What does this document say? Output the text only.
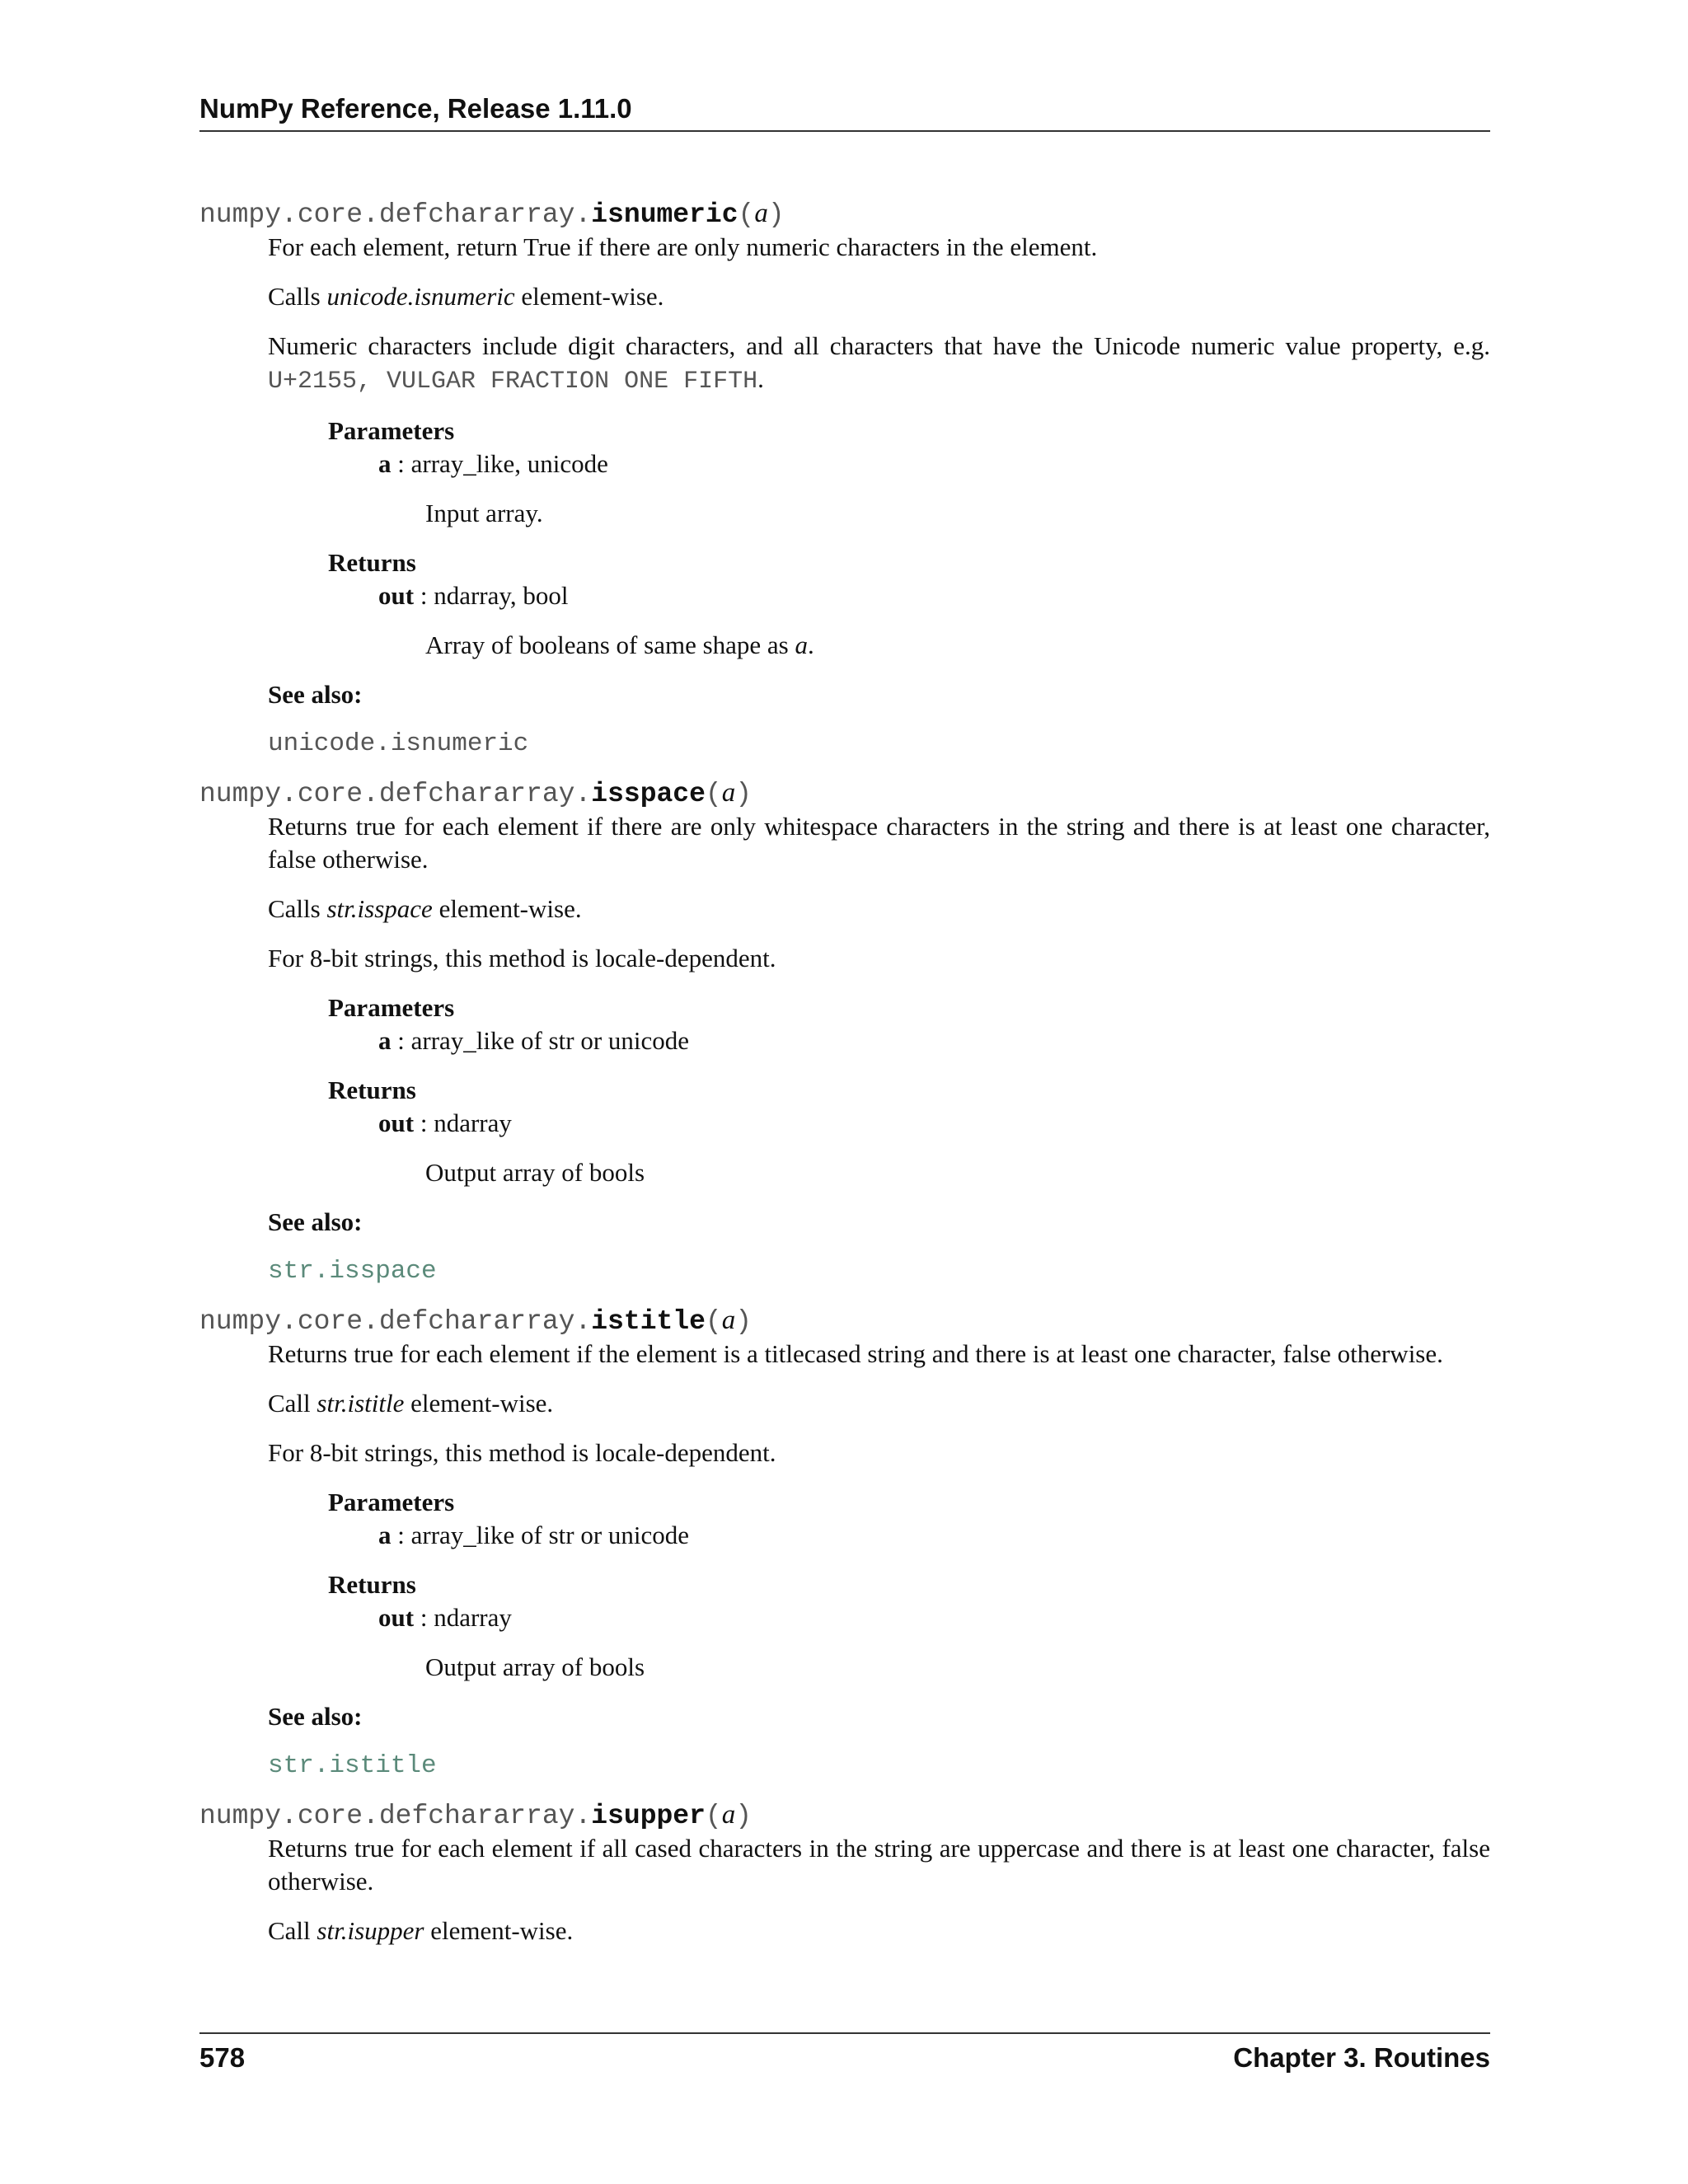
NumPy Reference, Release 1.11.0
numpy.core.defchararray.isnumeric(a)

For each element, return True if there are only numeric characters in the element.

Calls unicode.isnumeric element-wise.

Numeric characters include digit characters, and all characters that have the Unicode numeric value property, e.g. U+2155, VULGAR FRACTION ONE FIFTH.

Parameters
a : array_like, unicode
Input array.
Returns
out : ndarray, bool
Array of booleans of same shape as a.
See also:
unicode.isnumeric
numpy.core.defchararray.isspace(a)

Returns true for each element if there are only whitespace characters in the string and there is at least one character, false otherwise.

Calls str.isspace element-wise.

For 8-bit strings, this method is locale-dependent.

Parameters
a : array_like of str or unicode
Returns
out : ndarray
Output array of bools
See also:
str.isspace
numpy.core.defchararray.istitle(a)

Returns true for each element if the element is a titlecased string and there is at least one character, false otherwise.

Call str.istitle element-wise.

For 8-bit strings, this method is locale-dependent.

Parameters
a : array_like of str or unicode
Returns
out : ndarray
Output array of bools
See also:
str.istitle
numpy.core.defchararray.isupper(a)

Returns true for each element if all cased characters in the string are uppercase and there is at least one character, false otherwise.

Call str.isupper element-wise.

578	Chapter 3. Routines
